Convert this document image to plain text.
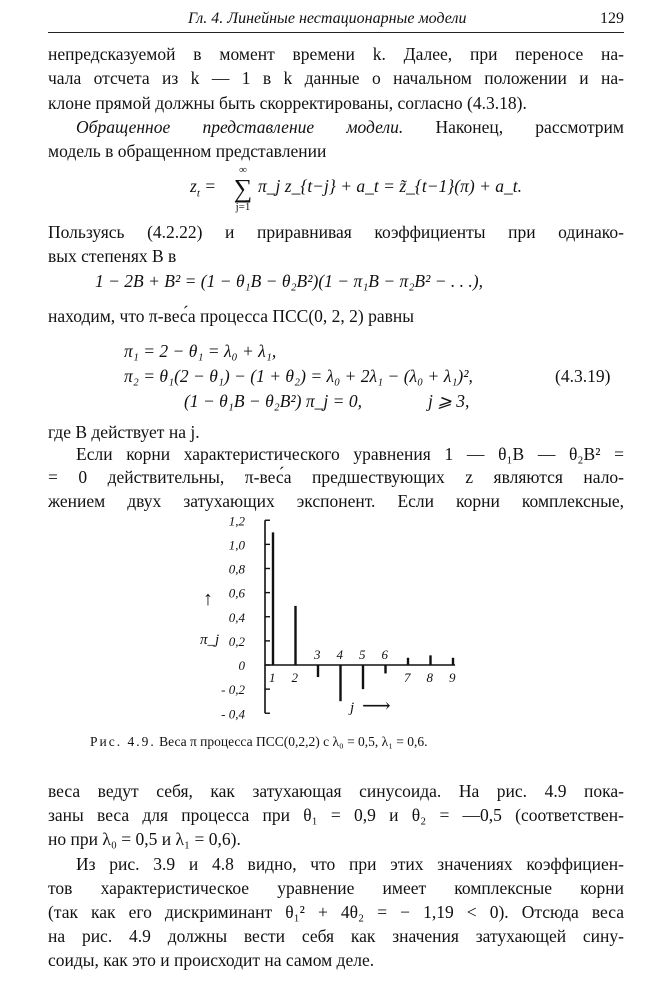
Гл. 4. Линейные нестационарные модели	129
непредсказуемой в момент времени k. Далее, при переносе на-
чала отсчета из k — 1 в k данные о начальном положении и на-
клоне прямой должны быть скорректированы, согласно (4.3.18).
Обращенное представление модели. Наконец, рассмотрим
модель в обращенном представлении
$z_t$ =
∞
∑
j=1
π_j z_{t−j} + a_t = z̃_{t−1}(π) + a_t.
Пользуясь (4.2.22) и приравнивая коэффициенты при одинако-
вых степенях B в
1 − 2B + B² = (1 − θ₁B − θ₂B²)(1 − π₁B − π₂B² − . . .),
находим, что π-вес́а процесса ПСС(0, 2, 2) равны
π₁ = 2 − θ₁ = λ₀ + λ₁,
π₂ = θ₁(2 − θ₁) − (1 + θ₂) = λ₀ + 2λ₁ − (λ₀ + λ₁)²,	(4.3.19)
(1 − θ₁B − θ₂B²) π_j = 0,	j ⩾ 3,
где B действует на j.
Если корни характеристического уравнения 1 — θ₁B — θ₂B² =
= 0 действительны, π-вес́а предшествующих z являются нало-
жением двух затухающих экспонент. Если корни комплексные,
1,2
1,0
0,8
0,6
0,4
0,2
0
- 0,2
- 0,4
1 2
3 4 5 6
7 8 9
↑
π_j
j ⟶
Рис. 4.9. Веса π процесса ПСС(0,2,2) с λ₀ = 0,5, λ₁ = 0,6.
веса ведут себя, как затухающая синусоида. На рис. 4.9 пока-
заны веса для процесса при θ₁ = 0,9 и θ₂ = —0,5 (соответствен-
но при λ₀ = 0,5 и λ₁ = 0,6).
Из рис. 3.9 и 4.8 видно, что при этих значениях коэффициен-
тов характеристическое уравнение имеет комплексные корни
(так как его дискриминант θ₁² + 4θ₂ = − 1,19 < 0). Отсюда веса
на рис. 4.9 должны вести себя как значения затухающей сину-
соиды, как это и происходит на самом деле.
